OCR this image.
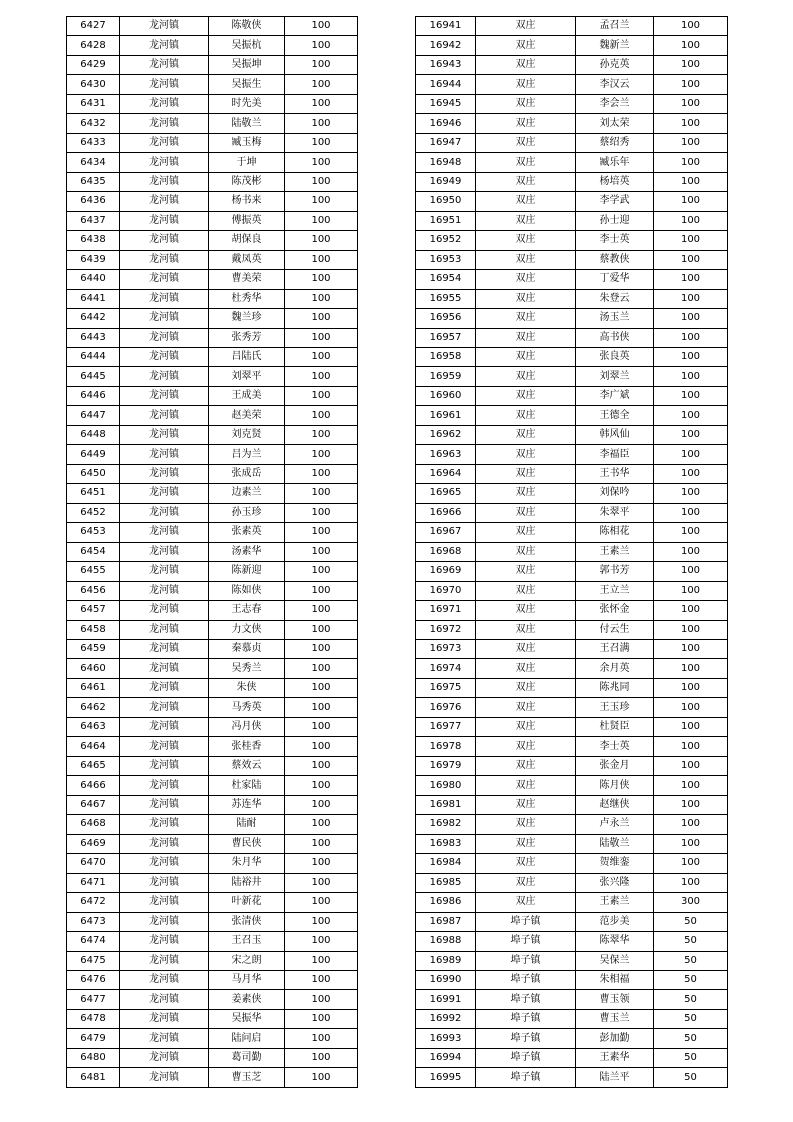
6427	龙河镇	陈敬侠	100
6428	龙河镇	吴振杭	100
6429	龙河镇	吴振坤	100
6430	龙河镇	吴振生	100
6431	龙河镇	时先美	100
6432	龙河镇	陆敬兰	100
6433	龙河镇	臧玉梅	100
6434	龙河镇	于坤	100
6435	龙河镇	陈茂彬	100
6436	龙河镇	杨书来	100
6437	龙河镇	傅振英	100
6438	龙河镇	胡保良	100
6439	龙河镇	戴凤英	100
6440	龙河镇	曹美荣	100
6441	龙河镇	杜秀华	100
6442	龙河镇	魏兰珍	100
6443	龙河镇	张秀芳	100
6444	龙河镇	吕陆氏	100
6445	龙河镇	刘翠平	100
6446	龙河镇	王成美	100
6447	龙河镇	赵美荣	100
6448	龙河镇	刘克贤	100
6449	龙河镇	吕为兰	100
6450	龙河镇	张成岳	100
6451	龙河镇	边素兰	100
6452	龙河镇	孙玉珍	100
6453	龙河镇	张素英	100
6454	龙河镇	汤素华	100
6455	龙河镇	陈新迎	100
6456	龙河镇	陈如侠	100
6457	龙河镇	王志春	100
6458	龙河镇	力文侠	100
6459	龙河镇	秦慕贞	100
6460	龙河镇	吴秀兰	100
6461	龙河镇	朱侠	100
6462	龙河镇	马秀英	100
6463	龙河镇	冯月侠	100
6464	龙河镇	张桂香	100
6465	龙河镇	蔡效云	100
6466	龙河镇	杜家陆	100
6467	龙河镇	苏连华	100
6468	龙河镇	陆耐	100
6469	龙河镇	曹民侠	100
6470	龙河镇	朱月华	100
6471	龙河镇	陆裕井	100
6472	龙河镇	叶新花	100
6473	龙河镇	张清侠	100
6474	龙河镇	王召玉	100
6475	龙河镇	宋之朗	100
6476	龙河镇	马月华	100
6477	龙河镇	姜素侠	100
6478	龙河镇	吴振华	100
6479	龙河镇	陆问启	100
6480	龙河镇	葛司勤	100
6481	龙河镇	曹玉芝	100
16941	双庄	孟召兰	100
16942	双庄	魏新兰	100
16943	双庄	孙克英	100
16944	双庄	李汉云	100
16945	双庄	李会兰	100
16946	双庄	刘太荣	100
16947	双庄	蔡绍秀	100
16948	双庄	臧乐年	100
16949	双庄	杨培英	100
16950	双庄	李学武	100
16951	双庄	孙士迎	100
16952	双庄	李士英	100
16953	双庄	蔡教侠	100
16954	双庄	丁爱华	100
16955	双庄	朱登云	100
16956	双庄	汤玉兰	100
16957	双庄	高书侠	100
16958	双庄	张良英	100
16959	双庄	刘翠兰	100
16960	双庄	李广斌	100
16961	双庄	王德全	100
16962	双庄	韩风仙	100
16963	双庄	李福臣	100
16964	双庄	王书华	100
16965	双庄	刘保吟	100
16966	双庄	朱翠平	100
16967	双庄	陈相花	100
16968	双庄	王素兰	100
16969	双庄	郭书芳	100
16970	双庄	王立兰	100
16971	双庄	张怀金	100
16972	双庄	付云生	100
16973	双庄	王召满	100
16974	双庄	余月英	100
16975	双庄	陈兆同	100
16976	双庄	王玉珍	100
16977	双庄	杜贤臣	100
16978	双庄	李士英	100
16979	双庄	张金月	100
16980	双庄	陈月侠	100
16981	双庄	赵继侠	100
16982	双庄	卢永兰	100
16983	双庄	陆敬兰	100
16984	双庄	贺维銮	100
16985	双庄	张兴隆	100
16986	双庄	王素兰	300
16987	埠子镇	范步美	50
16988	埠子镇	陈翠华	50
16989	埠子镇	吴保兰	50
16990	埠子镇	朱相福	50
16991	埠子镇	曹玉领	50
16992	埠子镇	曹玉兰	50
16993	埠子镇	彭加勤	50
16994	埠子镇	王素华	50
16995	埠子镇	陆兰平	50
